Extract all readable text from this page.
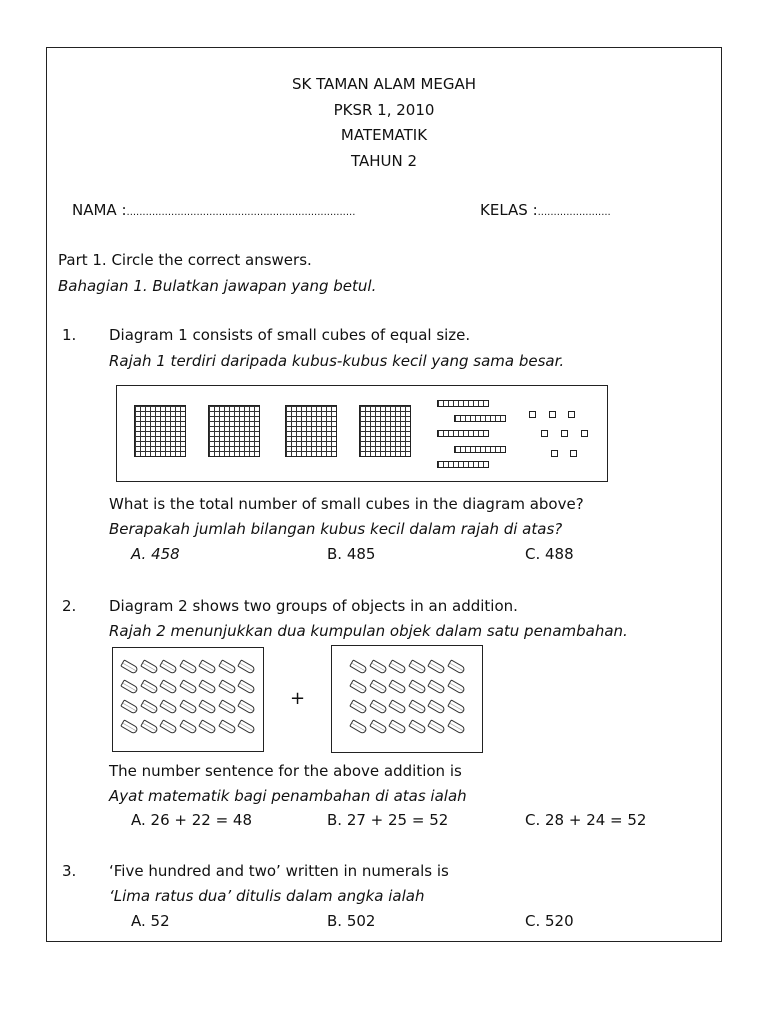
SK TAMAN ALAM MEGAH
PKSR 1, 2010
MATEMATIK
TAHUN 2
NAMA :........................................................................	KELAS :.......................
Part 1. Circle the correct answers.
Bahagian 1. Bulatkan jawapan yang betul.
1. Diagram 1 consists of small cubes of equal size.
Rajah 1 terdiri daripada kubus-kubus kecil yang sama besar.
What is the total number of small cubes in the diagram above?
Berapakah jumlah bilangan kubus kecil dalam rajah di atas?
A. 458	B. 485	C. 488
2. Diagram 2 shows two groups of objects in an addition.
Rajah 2 menunjukkan dua kumpulan objek dalam satu penambahan.
+
The number sentence for the above addition is
Ayat matematik bagi penambahan di atas ialah
A. 26 + 22 = 48	B. 27 + 25 = 52	C. 28 + 24 = 52
3. ‘Five hundred and two’ written in numerals is
‘Lima ratus dua’ ditulis dalam angka ialah
A. 52	B. 502	C. 520
